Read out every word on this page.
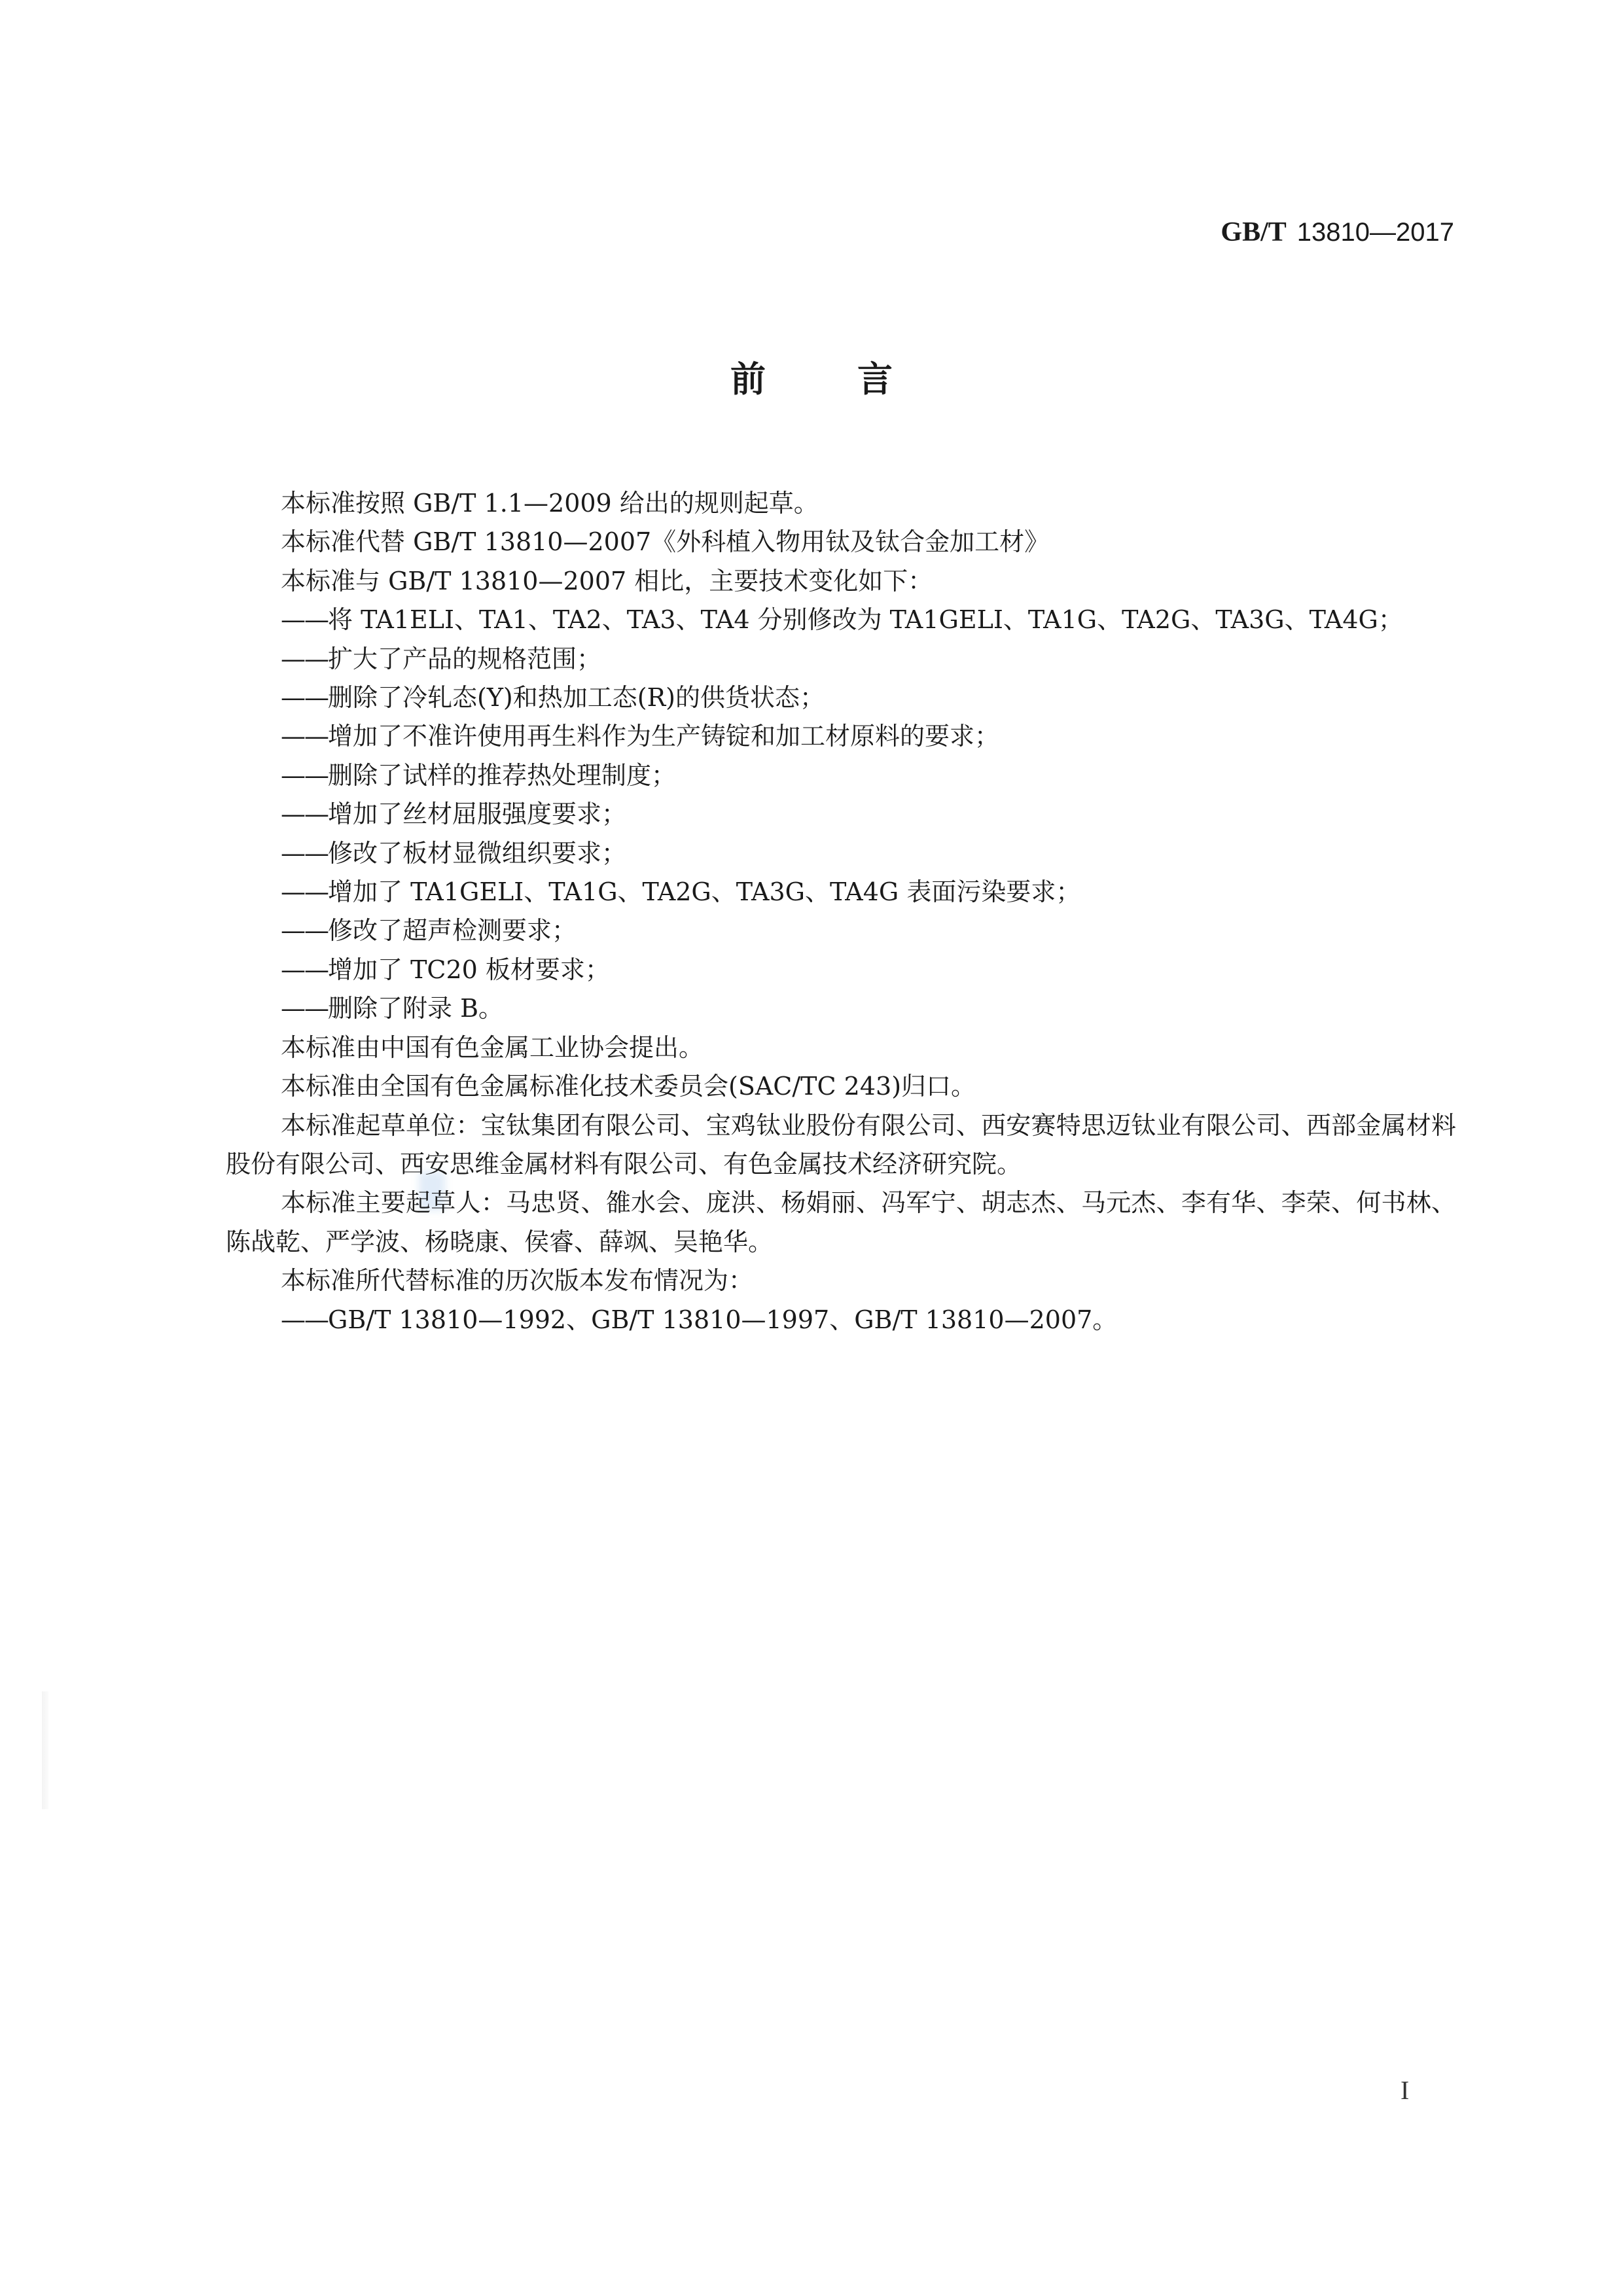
GB/T 13810—2017
前言

本标准按照 GB/T 1.1—2009 给出的规则起草。

本标准代替 GB/T 13810—2007《外科植入物用钛及钛合金加工材》

本标准与 GB/T 13810—2007 相比，主要技术变化如下：

——将 TA1ELI、TA1、TA2、TA3、TA4 分别修改为 TA1GELI、TA1G、TA2G、TA3G、TA4G；

——扩大了产品的规格范围；

——删除了冷轧态(Y)和热加工态(R)的供货状态；

——增加了不准许使用再生料作为生产铸锭和加工材原料的要求；

——删除了试样的推荐热处理制度；

——增加了丝材屈服强度要求；

——修改了板材显微组织要求；

——增加了 TA1GELI、TA1G、TA2G、TA3G、TA4G 表面污染要求；

——修改了超声检测要求；

——增加了 TC20 板材要求；

——删除了附录 B。

本标准由中国有色金属工业协会提出。

本标准由全国有色金属标准化技术委员会(SAC/TC 243)归口。

本标准起草单位：宝钛集团有限公司、宝鸡钛业股份有限公司、西安赛特思迈钛业有限公司、西部金属材料股份有限公司、西安思维金属材料有限公司、有色金属技术经济研究院。

本标准主要起草人：马忠贤、雒水会、庞洪、杨娟丽、冯军宁、胡志杰、马元杰、李有华、李荣、何书林、陈战乾、严学波、杨晓康、侯睿、薛飒、吴艳华。

本标准所代替标准的历次版本发布情况为：

——GB/T 13810—1992、GB/T 13810—1997、GB/T 13810—2007。

I
